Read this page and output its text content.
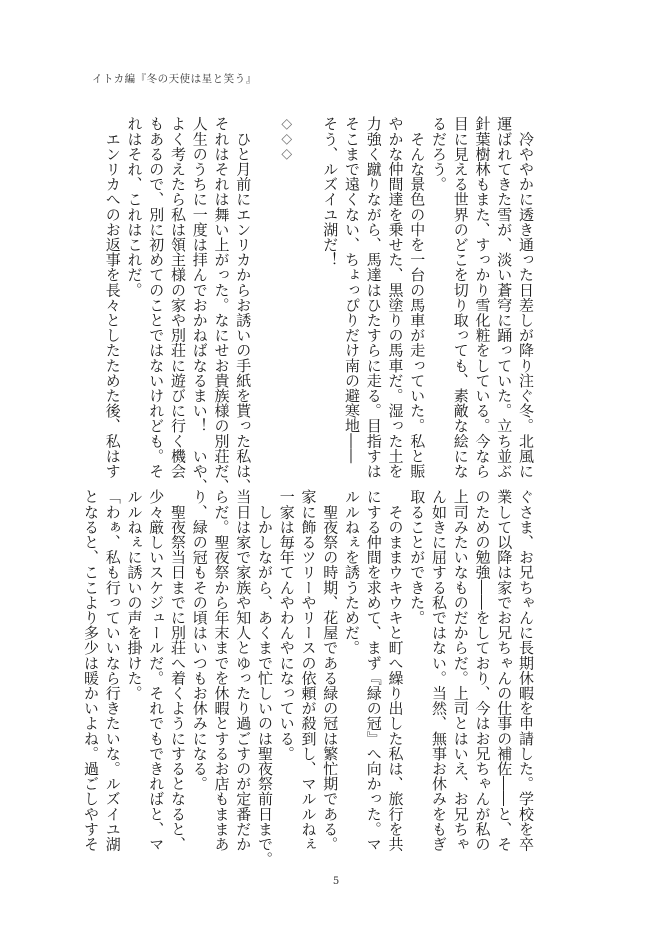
イトカ編『冬の天使は星と笑う』
　冷ややかに透き通った日差しが降り注ぐ冬。北風に
運ばれてきた雪が、淡い蒼穹に踊っていた。立ち並ぶ
針葉樹林もまた、すっかり雪化粧をしている。今なら
目に見える世界のどこを切り取っても、素敵な絵にな
るだろう。
　そんな景色の中を一台の馬車が走っていた。私と賑
やかな仲間達を乗せた、黒塗りの馬車だ。湿った土を
力強く蹴りながら、馬達はひたすらに走る。目指すは
そこまで遠くない、ちょっぴりだけ南の避寒地――
そう、ルズイユ湖だ！
◇◇◇
　ひと月前にエンリカからお誘いの手紙を貰った私は、
それはそれは舞い上がった。なにせお貴族様の別荘だ、
人生のうちに一度は拝んでおかねばなるまい！　いや、
よく考えたら私は領主様の家や別荘に遊びに行く機会
もあるので、別に初めてのことではないけれども。そ
れはそれ、これはこれだ。
　エンリカへのお返事を長々としたためた後、私はす
ぐさま、お兄ちゃんに長期休暇を申請した。学校を卒
業して以降は家でお兄ちゃんの仕事の補佐――と、そ
のための勉強――をしており、今はお兄ちゃんが私の
上司みたいなものだからだ。上司とはいえ、お兄ちゃ
ん如きに屈する私ではない。当然、無事お休みをもぎ
取ることができた。
　そのままウキウキと町へ繰り出した私は、旅行を共
にする仲間を求めて、まず『緑の冠』へ向かった。マ
ルルねぇを誘うためだ。
　聖夜祭の時期、花屋である緑の冠は繁忙期である。
家に飾るツリーやリースの依頼が殺到し、マルルねぇ
一家は毎年てんやわんやになっている。
　しかしながら、あくまで忙しいのは聖夜祭前日まで。
当日は家で家族や知人とゆったり過ごすのが定番だか
らだ。聖夜祭から年末までを休暇とするお店もままあ
り、緑の冠もその頃はいつもお休みになる。
　聖夜祭当日までに別荘へ着くようにするとなると、
少々厳しいスケジュールだ。それでもできればと、マ
ルルねぇに誘いの声を掛けた。
「わぁ、私も行っていいなら行きたいな。ルズイユ湖
となると、ここより多少は暖かいよね。過ごしやすそ
5
